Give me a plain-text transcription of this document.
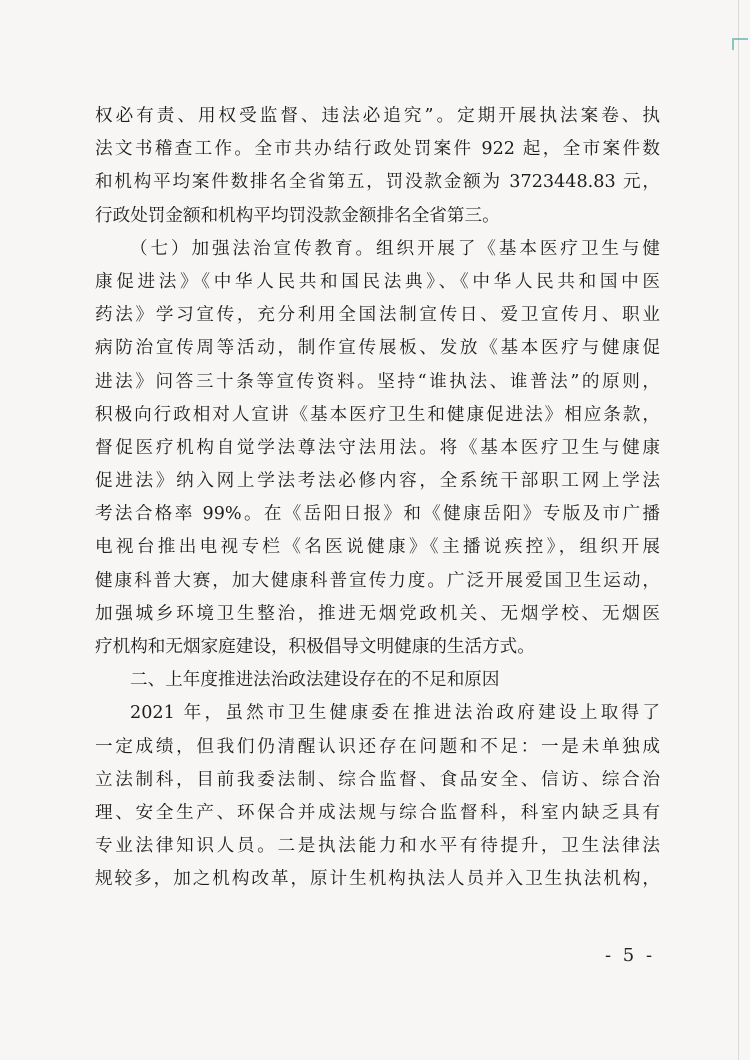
权必有责、用权受监督、违法必追究”。定期开展执法案卷、执
法文书稽查工作。全市共办结行政处罚案件 922 起，全市案件数
和机构平均案件数排名全省第五，罚没款金额为 3723448.83 元，
行政处罚金额和机构平均罚没款金额排名全省第三。
（七）加强法治宣传教育。组织开展了《基本医疗卫生与健
康促进法》《中华人民共和国民法典》、《中华人民共和国中医
药法》学习宣传，充分利用全国法制宣传日、爱卫宣传月、职业
病防治宣传周等活动，制作宣传展板、发放《基本医疗与健康促
进法》问答三十条等宣传资料。坚持“谁执法、谁普法”的原则，
积极向行政相对人宣讲《基本医疗卫生和健康促进法》相应条款，
督促医疗机构自觉学法尊法守法用法。将《基本医疗卫生与健康
促进法》纳入网上学法考法必修内容，全系统干部职工网上学法
考法合格率 99%。在《岳阳日报》和《健康岳阳》专版及市广播
电视台推出电视专栏《名医说健康》《主播说疾控》，组织开展
健康科普大赛，加大健康科普宣传力度。广泛开展爱国卫生运动，
加强城乡环境卫生整治，推进无烟党政机关、无烟学校、无烟医
疗机构和无烟家庭建设，积极倡导文明健康的生活方式。
二、上年度推进法治政法建设存在的不足和原因
2021 年，虽然市卫生健康委在推进法治政府建设上取得了
一定成绩，但我们仍清醒认识还存在问题和不足：一是未单独成
立法制科，目前我委法制、综合监督、食品安全、信访、综合治
理、安全生产、环保合并成法规与综合监督科，科室内缺乏具有
专业法律知识人员。二是执法能力和水平有待提升，卫生法律法
规较多，加之机构改革，原计生机构执法人员并入卫生执法机构，
- 5 -
